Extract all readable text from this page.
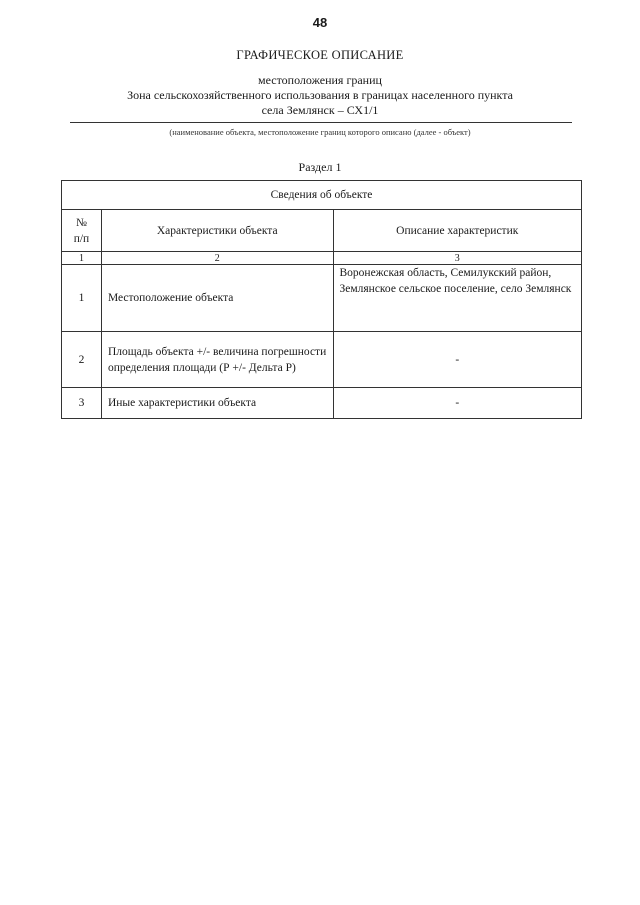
48
ГРАФИЧЕСКОЕ ОПИСАНИЕ
местоположения границ
Зона сельскохозяйственного использования в границах населенного пункта
села Землянск – СХ1/1
(наименование объекта, местоположение границ которого описано (далее - объект)
Раздел 1
Сведения об объекте		

№
п/п	Характеристики объекта	Описание характеристик
1	2	3
1	Местоположение объекта	Воронежская область, Семилукский район, Землянское сельское поселение, село Землянск
2	Площадь объекта +/- величина погрешности определения площади (Р +/- Дельта Р)	-
3	Иные характеристики объекта	-
